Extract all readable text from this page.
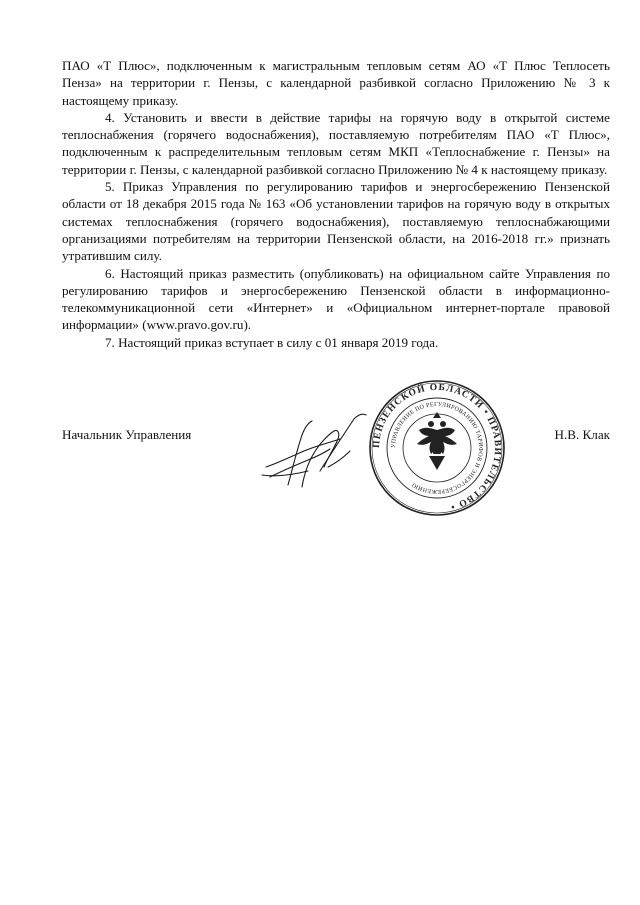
ПАО «Т Плюс», подключенным к магистральным тепловым сетям АО «Т Плюс Теплосеть Пенза» на территории г. Пензы, с календарной разбивкой согласно Приложению № 3 к настоящему приказу.

4. Установить и ввести в действие тарифы на горячую воду в открытой системе теплоснабжения (горячего водоснабжения), поставляемую потребителям ПАО «Т Плюс», подключенным к распределительным тепловым сетям МКП «Теплоснабжение г. Пензы» на территории г. Пензы, с календарной разбивкой согласно Приложению № 4 к настоящему приказу.

5. Приказ Управления по регулированию тарифов и энергосбережению Пензенской области от 18 декабря 2015 года № 163 «Об установлении тарифов на горячую воду в открытых системах теплоснабжения (горячего водоснабжения), поставляемую теплоснабжающими организациями потребителям на территории Пензенской области, на 2016-2018 гг.» признать утратившим силу.

6. Настоящий приказ разместить (опубликовать) на официальном сайте Управления по регулированию тарифов и энергосбережению Пензенской области в информационно-телекоммуникационной сети «Интернет» и «Официальном интернет-портале правовой информации» (www.pravo.gov.ru).

7. Настоящий приказ вступает в силу с 01 января 2019 года.

Начальник Управления	Н.В. Клак
ПЕНЗЕНСКОЙ ОБЛАСТИ • ПРАВИТЕЛЬСТВО •
УПРАВЛЕНИЕ ПО РЕГУЛИРОВАНИЮ ТАРИФОВ И ЭНЕРГОСБЕРЕЖЕНИЮ
